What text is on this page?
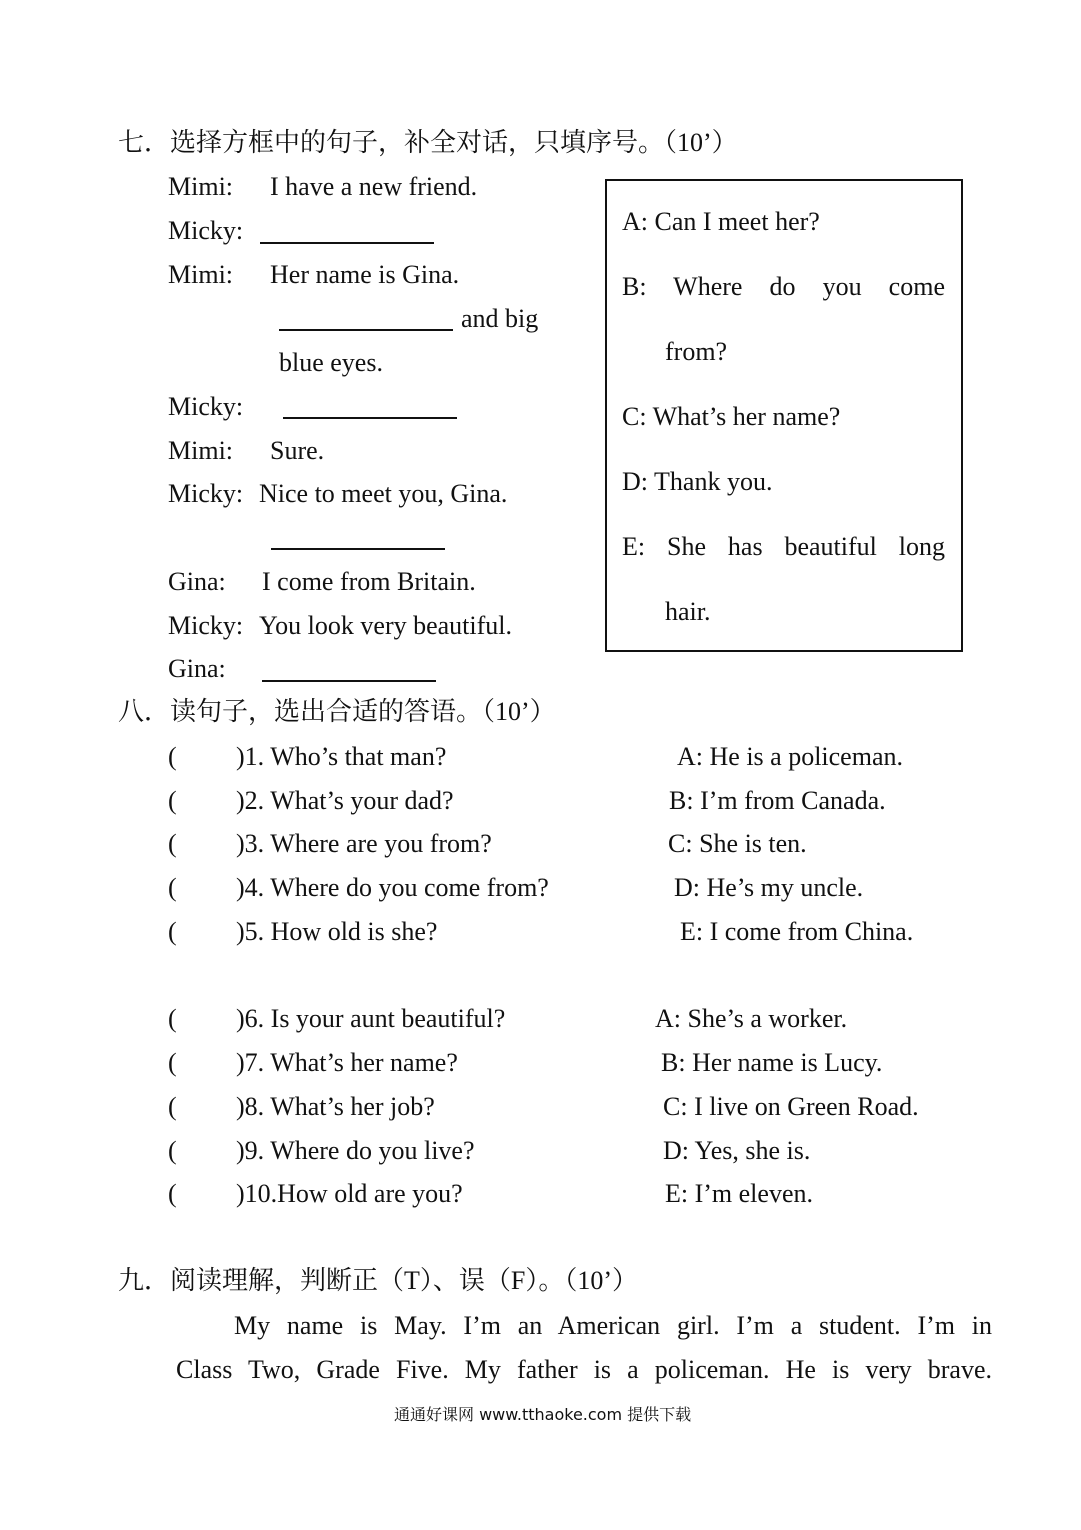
七．选择方框中的句子，补全对话，只填序号。（10’）
Mimi: I have a new friend.
Micky:
Mimi: Her name is Gina.
and big
blue eyes.
Micky:
Mimi: Sure.
Micky: Nice to meet you, Gina.
Gina: I come from Britain.
Micky: You look very beautiful.
Gina:
A: Can I meet her?
B: Where do you come
from?
C: What’s her name?
D: Thank you.
E: She has beautiful long
hair.
八．读句子，选出合适的答语。（10’）
( )1. Who’s that man?	A: He is a policeman.
( )2. What’s your dad?	B: I’m from Canada.
( )3. Where are you from?	C: She is ten.
( )4. Where do you come from?	D: He’s my uncle.
( )5. How old is she?	E: I come from China.
( )6. Is your aunt beautiful?	A: She’s a worker.
( )7. What’s her name?	B: Her name is Lucy.
( )8. What’s her job?	C: I live on Green Road.
( )9. Where do you live?	D: Yes, she is.
( )10.How old are you?	E: I’m eleven.
九．阅读理解，判断正（T）、误（F）。（10’）
My name is May. I’m an American girl. I’m a student. I’m in
Class Two, Grade Five. My father is a policeman. He is very brave.
通通好课网 www.tthaoke.com 提供下载
